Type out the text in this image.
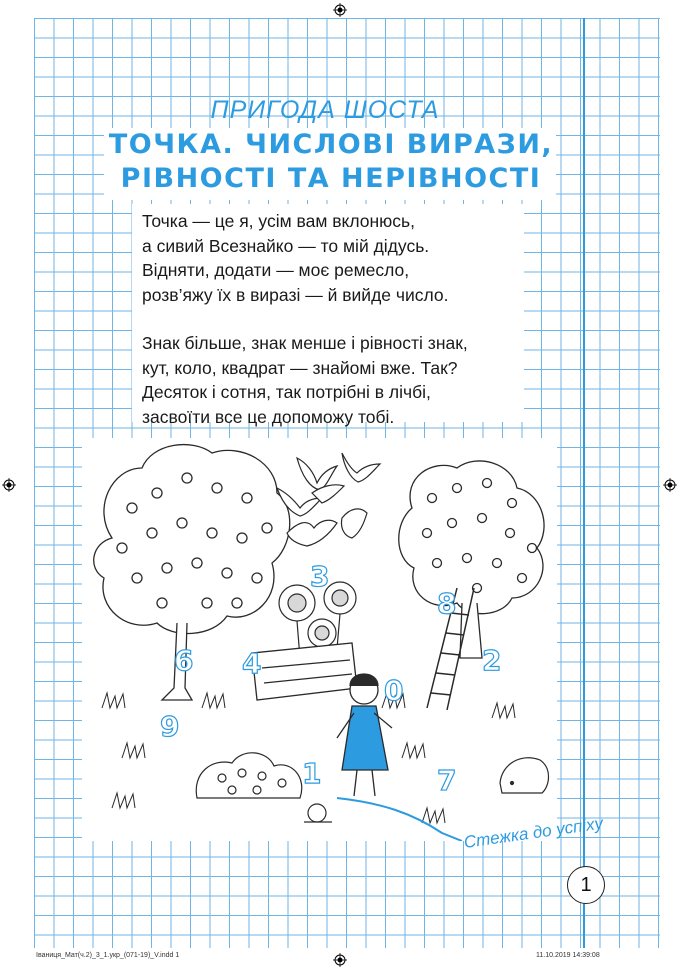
ПРИГОДА ШОСТА
ТОЧКА. ЧИСЛОВІ ВИРАЗИ,
РІВНОСТІ ТА НЕРІВНОСТІ

Точка — це я, усім вам вклонюсь,

а сивий Всезнайко — то мій дідусь.

Відняти, додати — моє ремесло,

розв’яжу їх в виразі — й вийде число.

Знак більше, знак менше і рівності знак,

кут, коло, квадрат — знайомі вже. Так?

Десяток і сотня, так потрібні в лічбі,

засвоїти все це допоможу тобі.

3
6 4
8
2
0
9
1	7
Стежка до успіху
1
Іваниця_Мат(ч.2)_3_1.укр_(071-19)_V.indd 1	11.10.2019 14:39:08
